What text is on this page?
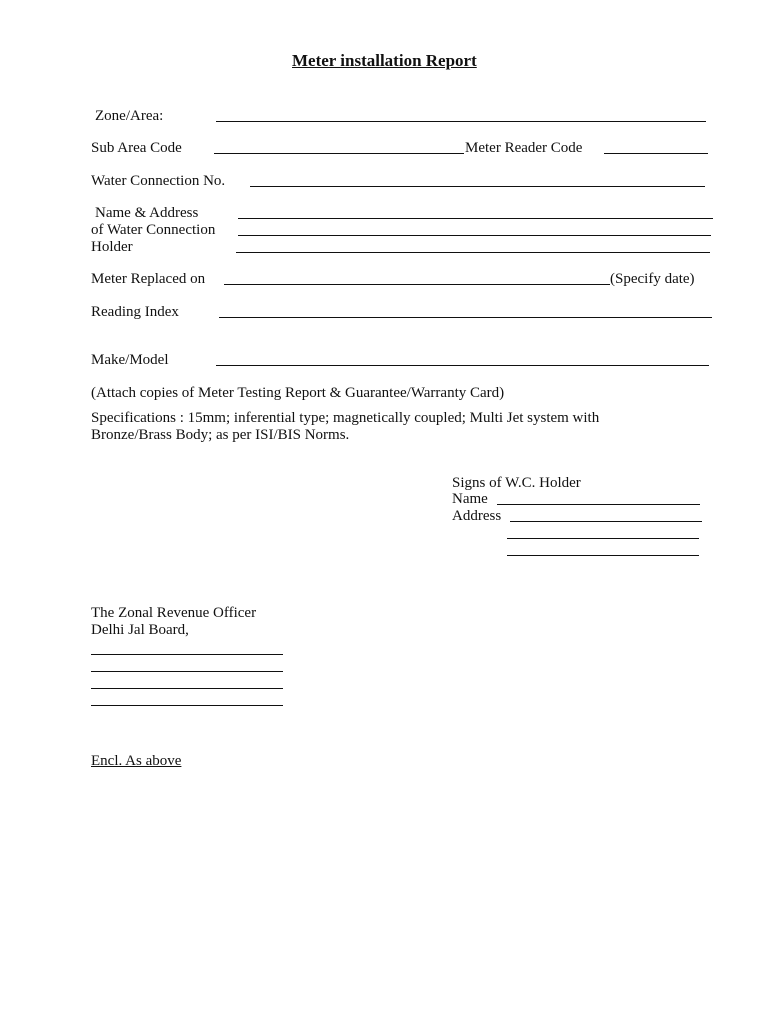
Meter installation Report
Zone/Area:
Sub Area Code	Meter Reader Code
Water Connection No.
Name & Address
of Water Connection
Holder
Meter Replaced on	(Specify date)
Reading Index
Make/Model
(Attach copies of Meter Testing Report & Guarantee/Warranty Card)
Specifications : 15mm; inferential type; magnetically coupled; Multi Jet system with
Bronze/Brass Body; as per ISI/BIS Norms.
Signs of W.C. Holder
Name
Address
The Zonal Revenue Officer
Delhi Jal Board,
Encl. As above
